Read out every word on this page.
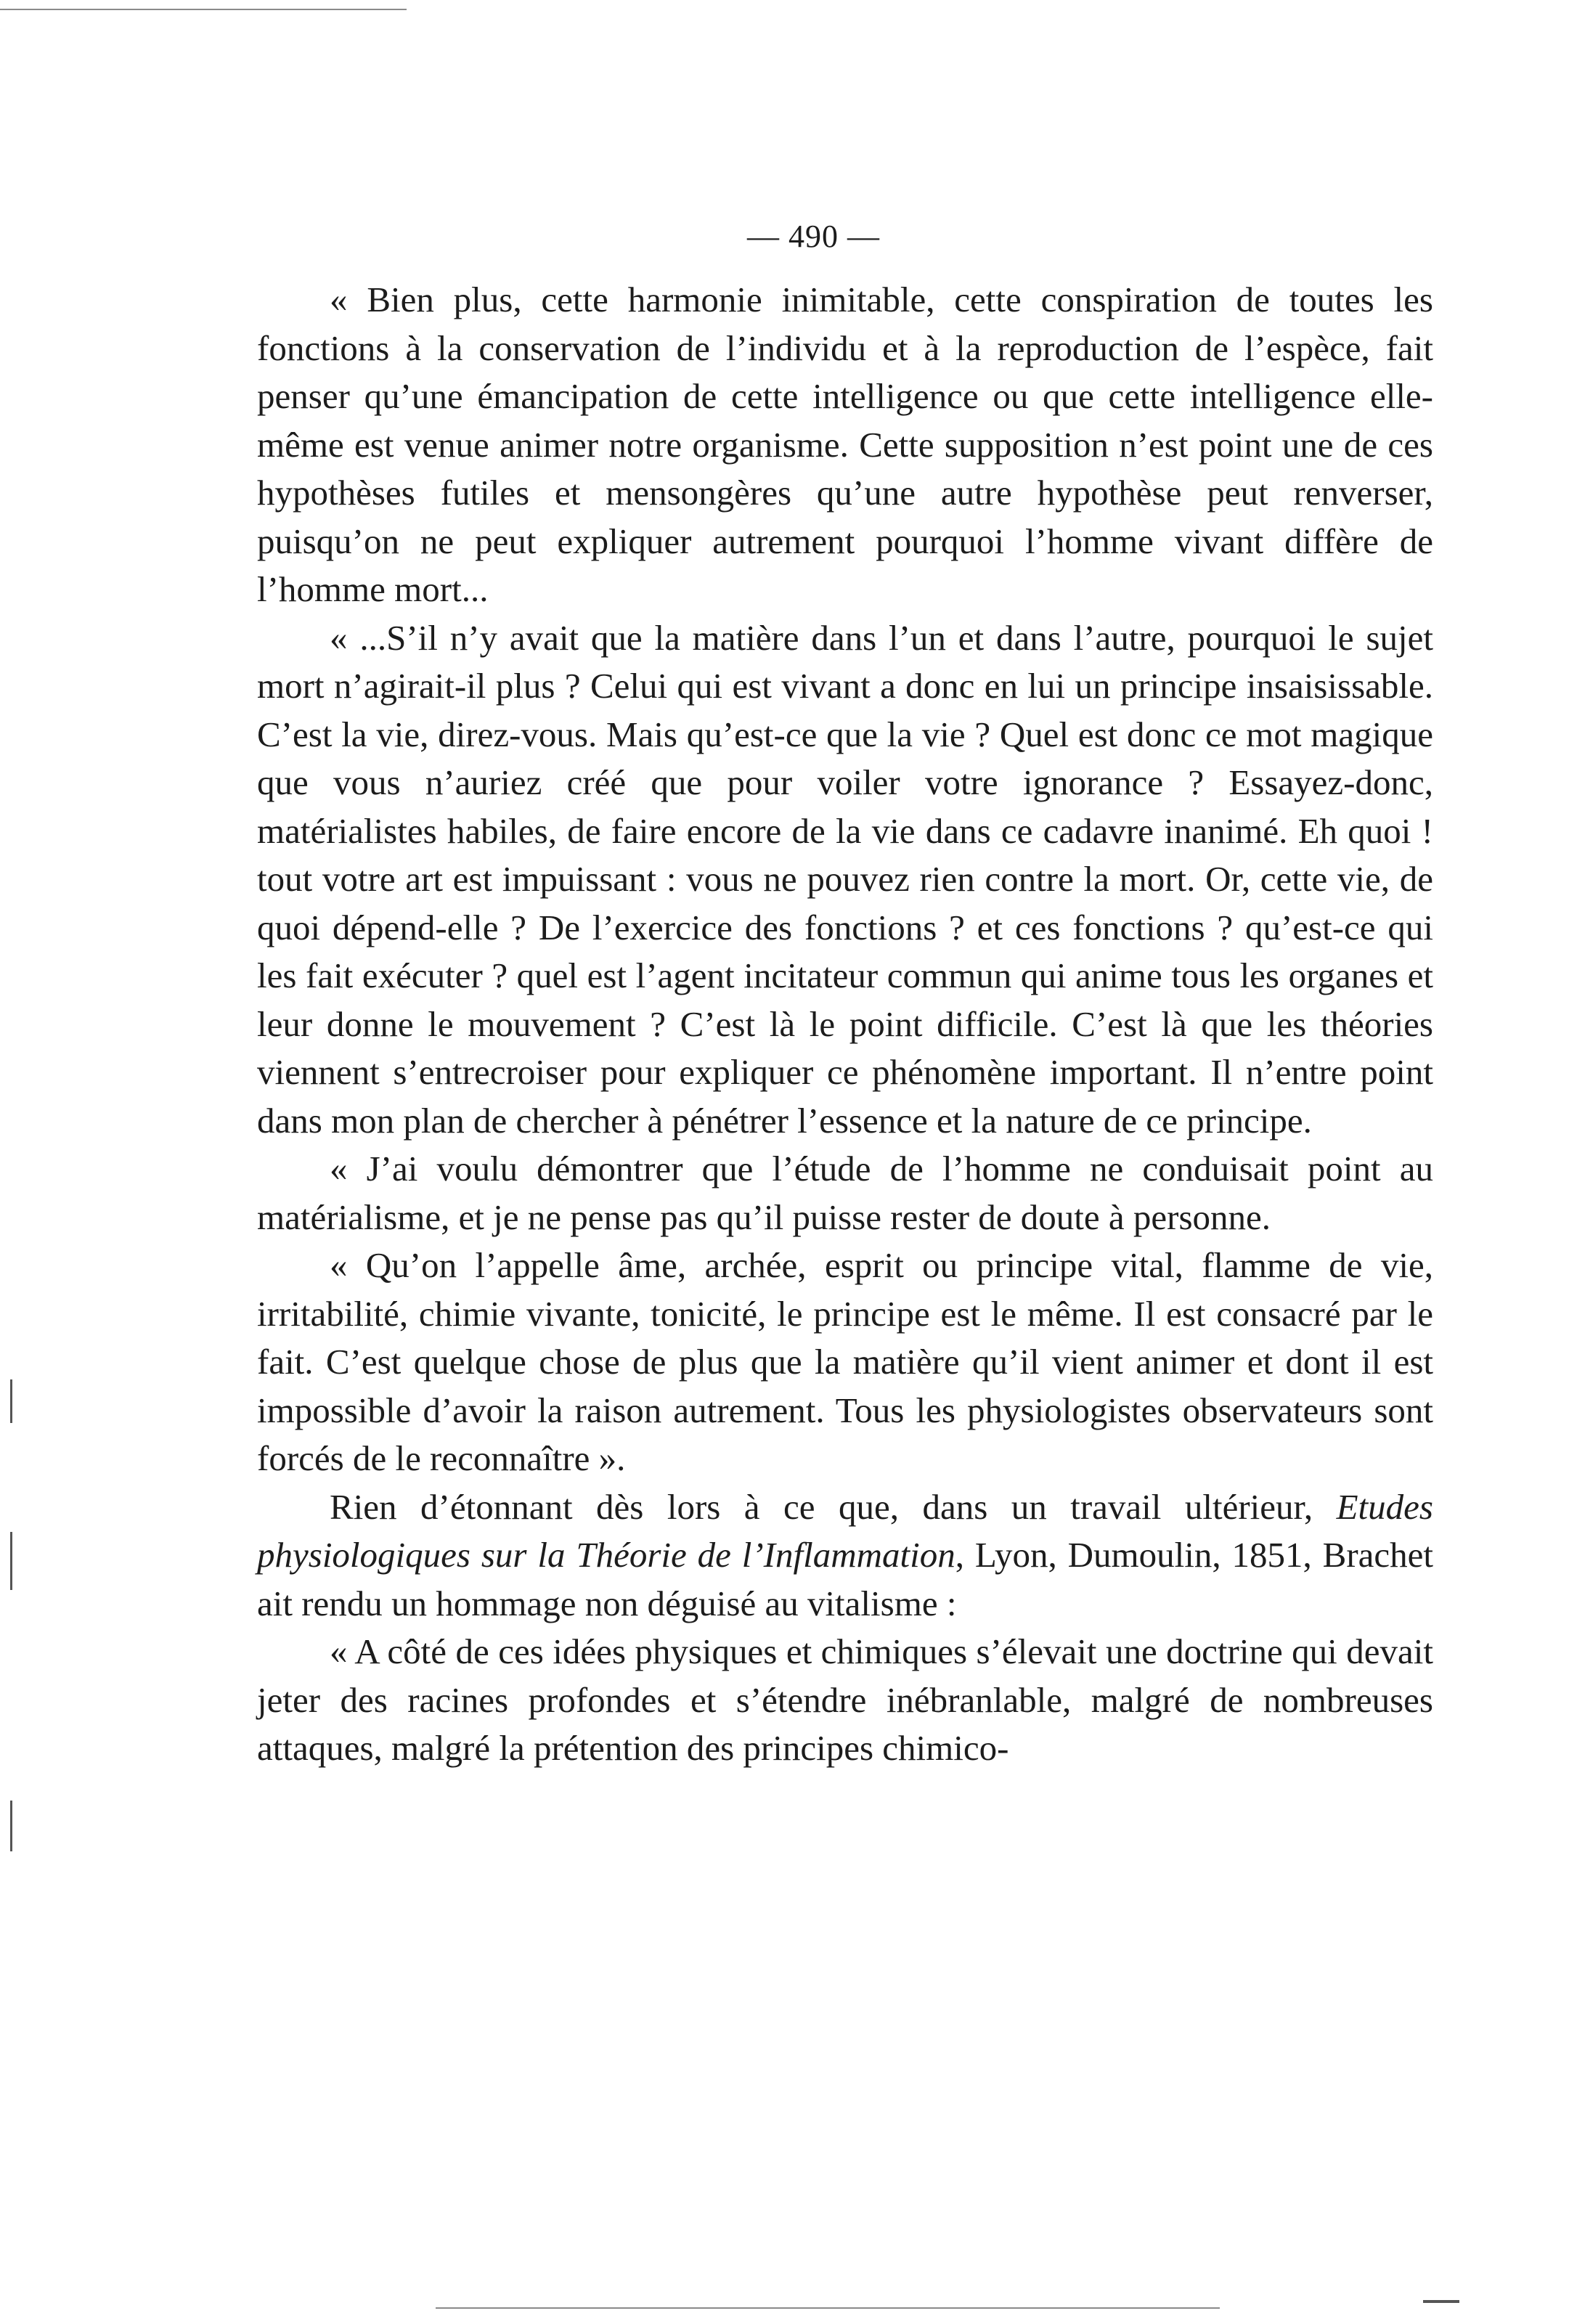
— 490 —

« Bien plus, cette harmonie inimitable, cette conspiration de toutes les fonctions à la conservation de l’individu et à la reproduction de l’espèce, fait penser qu’une émancipation de cette intelligence ou que cette intelligence elle-même est venue animer notre organisme. Cette supposition n’est point une de ces hypothèses futiles et mensongères qu’une autre hypothèse peut renverser, puisqu’on ne peut expliquer autrement pourquoi l’homme vivant diffère de l’homme mort...

« ...S’il n’y avait que la matière dans l’un et dans l’autre, pourquoi le sujet mort n’agirait-il plus ? Celui qui est vivant a donc en lui un principe insaisissable. C’est la vie, direz-vous. Mais qu’est-ce que la vie ? Quel est donc ce mot magique que vous n’auriez créé que pour voiler votre ignorance ? Essayez-donc, matérialistes habiles, de faire encore de la vie dans ce cadavre inanimé. Eh quoi ! tout votre art est impuissant : vous ne pouvez rien contre la mort. Or, cette vie, de quoi dépend-elle ? De l’exercice des fonctions ? et ces fonctions ? qu’est-ce qui les fait exécuter ? quel est l’agent incitateur commun qui anime tous les organes et leur donne le mouvement ? C’est là le point difficile. C’est là que les théories viennent s’entrecroiser pour expliquer ce phénomène important. Il n’entre point dans mon plan de chercher à pénétrer l’essence et la nature de ce principe.

« J’ai voulu démontrer que l’étude de l’homme ne conduisait point au matérialisme, et je ne pense pas qu’il puisse rester de doute à personne.

« Qu’on l’appelle âme, archée, esprit ou principe vital, flamme de vie, irritabilité, chimie vivante, tonicité, le principe est le même. Il est consacré par le fait. C’est quelque chose de plus que la matière qu’il vient animer et dont il est impossible d’avoir la raison autrement. Tous les physiologistes observateurs sont forcés de le reconnaître ».

Rien d’étonnant dès lors à ce que, dans un travail ultérieur, Etudes physiologiques sur la Théorie de l’Inflammation, Lyon, Dumoulin, 1851, Brachet ait rendu un hommage non déguisé au vitalisme :

« A côté de ces idées physiques et chimiques s’élevait une doctrine qui devait jeter des racines profondes et s’étendre inébranlable, malgré de nombreuses attaques, malgré la prétention des principes chimico-
